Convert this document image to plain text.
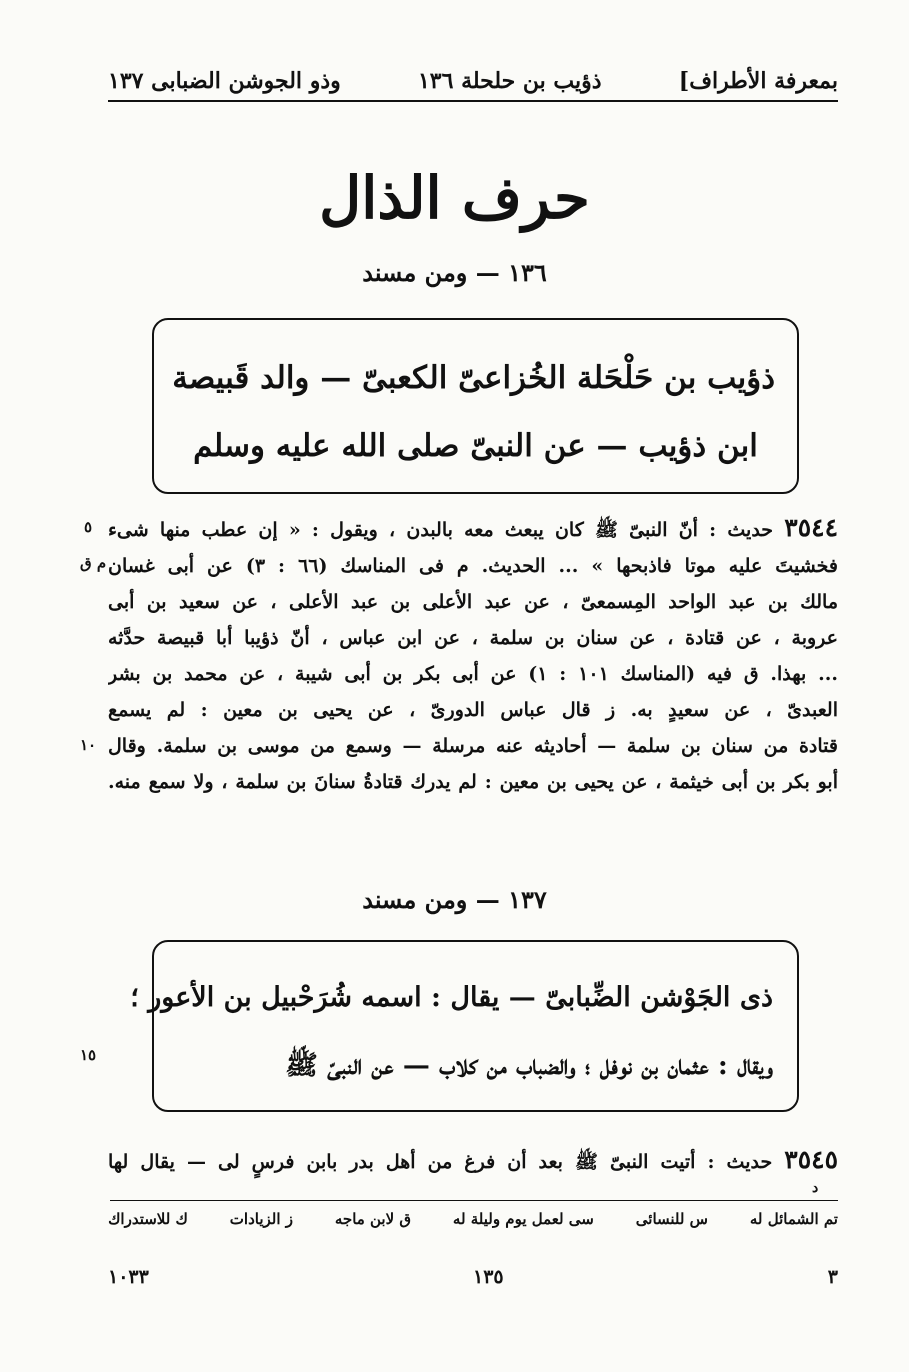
بمعرفة الأطراف]
ذؤيب بن حلحلة ١٣٦
وذو الجوشن الضبابى ١٣٧
حرف الذال
١٣٦ — ومن مسند
ذؤيب بن حَلْحَلة الخُزاعىّ الكعبىّ — والد قَبيصة
ابن ذؤيب — عن النبىّ صلى الله عليه وسلم
٥
م ق
١٠
٣٥٤٤ حديث : أنّ النبىّ ﷺ كان يبعث معه بالبدن ، ويقول : « إن عطب منها شىء
فخشيتَ عليه موتا فاذبحها » ... الحديث. م فى المناسك (٦٦ : ٣) عن أبى غسان
مالك بن عبد الواحد المِسمعىّ ، عن عبد الأعلى بن عبد الأعلى ، عن سعيد بن أبى
عروبة ، عن قتادة ، عن سنان بن سلمة ، عن ابن عباس ، أنّ ذؤيبا أبا قبيصة حدَّثه
... بهذا. ق فيه (المناسك ١٠١ : ١) عن أبى بكر بن أبى شيبة ، عن محمد بن بشر
العبدىّ ، عن سعيدٍ به. ز قال عباس الدورىّ ، عن يحيى بن معين : لم يسمع
قتادة من سنان بن سلمة — أحاديثه عنه مرسلة — وسمع من موسى بن سلمة. وقال
أبو بكر بن أبى خيثمة ، عن يحيى بن معين : لم يدرك قتادةُ سنانَ بن سلمة ، ولا سمع منه.
١٣٧ — ومن مسند
ذى الجَوْشن الضِّبابىّ — يقال : اسمه شُرَحْبيل بن الأعور ؛
ويقال : عثمان بن نوفل ؛ والضباب من كلاب — عن النبىّ ﷺ
١٥
٣٥٤٥ حديث : أتيت النبىّ ﷺ بعد أن فرغ من أهل بدر بابن فرسٍ لى — يقال لها
د
تم الشمائل له
س للنسائى
سى لعمل يوم وليلة له
ق لابن ماجه
ز الزيادات
ك للاستدراك
٣
١٣٥
١٠٣٣
